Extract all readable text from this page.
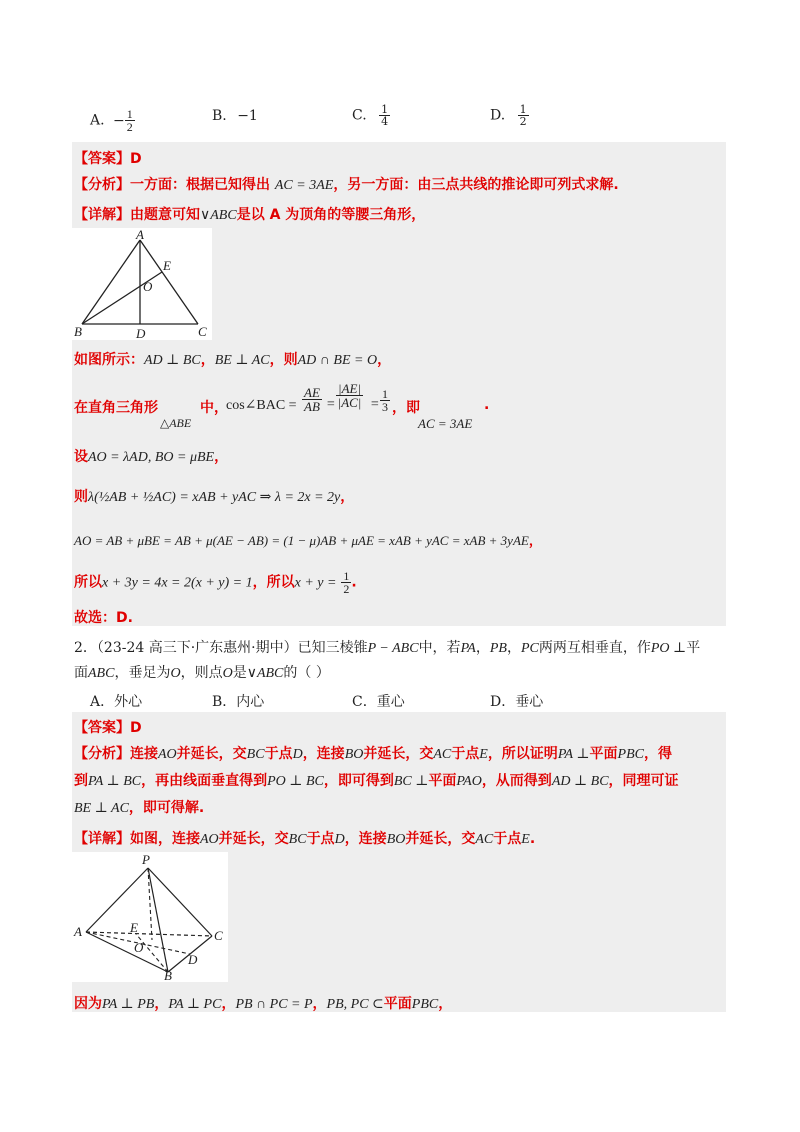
A. − $\frac{1}{2}$	B. −1	C. $\frac{1}{4}$	D. $\frac{1}{2}$
【答案】D
【分析】一方面：根据已知得出 AC = 3AE，另一方面：由三点共线的推论即可列式求解.
【详解】由题意可知∨ABC是以 A 为顶角的等腰三角形，
A
E
O
B	D	C
如图所示：AD ⊥ BC，BE ⊥ AC，则AD ∩ BE = O，
在直角三角形
△ABE
中，
cos∠BAC = $\frac{AE}{AB} = \frac{|AE|}{|AC|} = \frac{1}{3}$ ，即
AC = 3AE
.
设AO = λAD, BO = μBE，
则λ(½AB + ½AC) = xAB + yAC ⇒ λ = 2x = 2y，
AO = AB + μBE = AB + μ(AE − AB) = (1 − μ)AB + μAE = xAB + yAC = xAB + 3yAE，
所以x + 3y = 4x = 2(x + y) = 1，所以$x + y = \frac{1}{2}$ .
故选：D.
2．（23-24 高三下·广东惠州·期中）已知三棱锥P − ABC中，若PA，PB，PC两两互相垂直，作PO ⊥平
面ABC，垂足为O，则点O是∨ABC的（ ）
A．外心	B．内心	C．重心	D．垂心
【答案】D
【分析】连接AO并延长，交BC于点D，连接BO并延长，交AC于点E，所以证明PA ⊥平面PBC，得
到PA ⊥ BC，再由线面垂直得到PO ⊥ BC，即可得到BC ⊥平面PAO，从而得到AD ⊥ BC，同理可证
BE ⊥ AC，即可得解.
【详解】如图，连接AO并延长，交BC于点D，连接BO并延长，交AC于点E.
P
A	E
O
C
D
B
因为PA ⊥ PB，PA ⊥ PC，PB ∩ PC = P，PB, PC ⊂平面PBC，
